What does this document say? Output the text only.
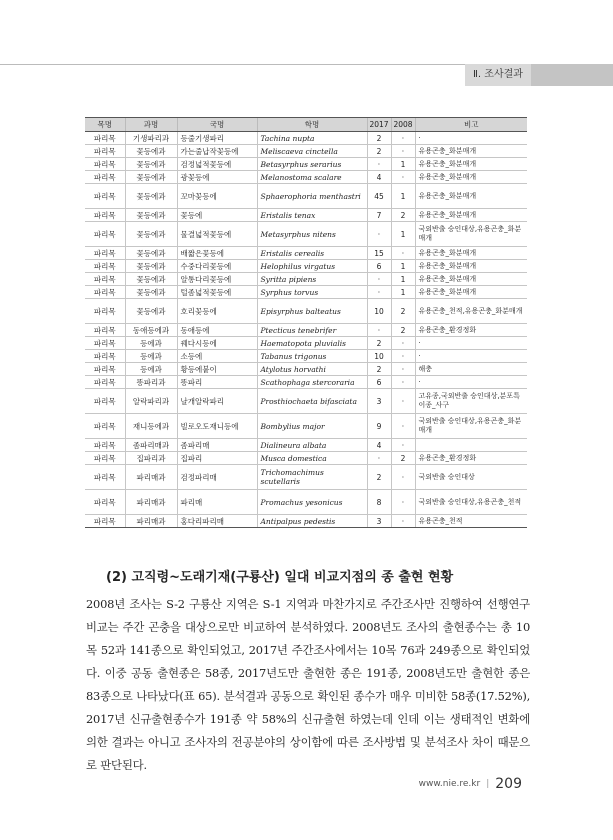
Ⅱ. 조사결과
목명	과명	국명	학명	2017	2008	비고
파리목	기생파리과	등줄기생파리	Tachina nupta	2	·	·
파리목	꽃등에과	가는줄납작꽃등에	Meliscaeva cinctella	2	·	유용곤충_화분매개
파리목	꽃등에과	검정넓적꽃등에	Betasyrphus serarius	·	1	유용곤충_화분매개
파리목	꽃등에과	광꽃등에	Melanostoma scalare	4	·	유용곤충_화분매개
파리목	꽃등에과	꼬마꽃등에	Sphaerophoria menthastri	45	1	유용곤충_화분매개
파리목	꽃등에과	꽃등에	Eristalis tenax	7	2	유용곤충_화분매개
파리목	꽃등에과	물결넓적꽃등에	Metasyrphus nitens	·	1	국외반출 승인대상,유용곤충_화분매개
파리목	꽃등에과	배짧은꽃등에	Eristalis cerealis	15	·	유용곤충_화분매개
파리목	꽃등에과	수중다리꽃등에	Helophilus virgatus	6	1	유용곤충_화분매개
파리목	꽃등에과	알통다리꽃등에	Syritta pipiens	·	1	유용곤충_화분매개
파리목	꽃등에과	털좀넓적꽃등에	Syrphus torvus	·	1	유용곤충_화분매개
파리목	꽃등에과	호리꽃등에	Episyrphus balteatus	10	2	유용곤충_천적,유용곤충_화분매개
파리목	동애등에과	동애등에	Ptecticus tenebrifer	·	2	유용곤충_환경정화
파리목	등에과	꿰다시등에	Haematopota pluvialis	2	·	·
파리목	등에과	소등에	Tabanus trigonus	10	·	·
파리목	등에과	황등에붙이	Atylotus horvathi	2	·	해충
파리목	똥파리과	똥파리	Scathophaga stercoraria	6	·	·
파리목	알락파리과	날개알락파리	Prosthiochaeta bifasciata	3	·	고유종,국외반출 승인대상,분포특이종_사구
파리목	재니등에과	빌로오도재니등에	Bombylius major	9	·	국외반출 승인대상,유용곤충_화분매개
파리목	좀파리매과	좀파리매	Dialineura albata	4	·	
파리목	집파리과	집파리	Musca domestica	·	2	유용곤충_환경정화
파리목	파리매과	검정파리매	Trichomachimus scutellaris	2	·	국외반출 승인대상
파리목	파리매과	파리매	Promachus yesonicus	8	·	국외반출 승인대상,유용곤충_천적
파리목	파리매과	홍다리파리매	Antipalpus pedestis	3	·	유용곤충_천적
(2) 고직령~도래기재(구룡산) 일대 비교지점의 종 출현 현황

2008년 조사는 S-2 구룡산 지역은 S-1 지역과 마찬가지로 주간조사만 진행하여 선행연구 비교는 주간 곤충을 대상으로만 비교하여 분석하였다. 2008년도 조사의 출현종수는 총 10목 52과 141종으로 확인되었고, 2017년 주간조사에서는 10목 76과 249종으로 확인되었다. 이중 공동 출현종은 58종, 2017년도만 출현한 종은 191종, 2008년도만 출현한 종은 83종으로 나타났다(표 65). 분석결과 공동으로 확인된 종수가 매우 미비한 58종(17.52%), 2017년 신규출현종수가 191종 약 58%의 신규출현 하였는데 인데 이는 생태적인 변화에 의한 결과는 아니고 조사자의 전공분야의 상이함에 따른 조사방법 및 분석조사 차이 때문으로 판단된다.

www.nie.re.kr | 209
